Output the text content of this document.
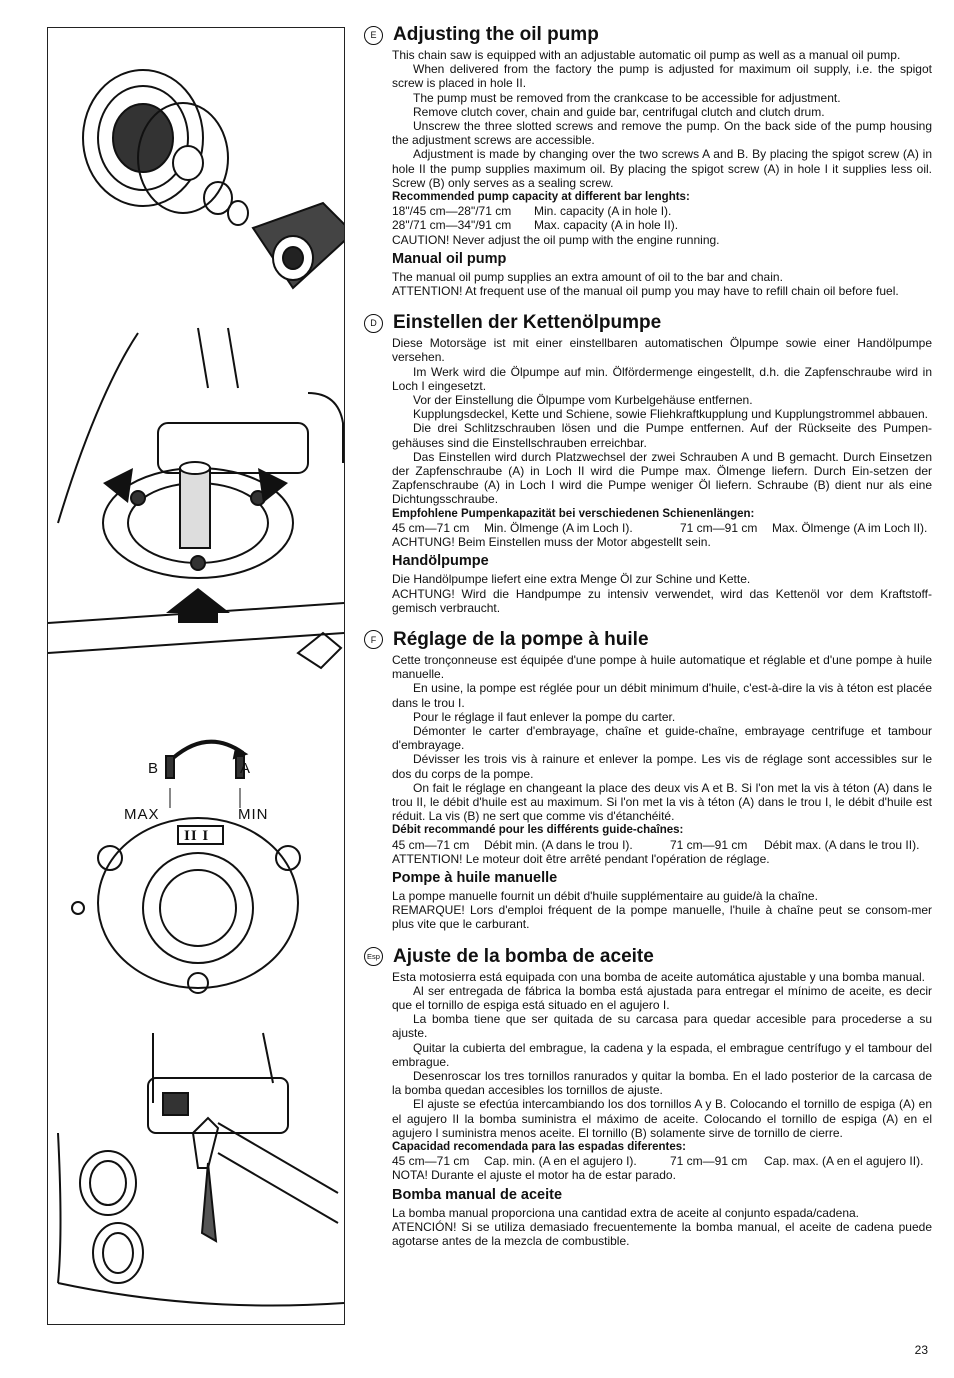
B	A
MAX	MIN
II I
E Adjusting the oil pump
This chain saw is equipped with an adjustable automatic oil pump as well as a manual oil pump.
When delivered from the factory the pump is adjusted for maximum oil supply, i.e. the spigot screw is placed in hole II.
The pump must be removed from the crankcase to be accessible for adjustment.
Remove clutch cover, chain and guide bar, centrifugal clutch and clutch drum.
Unscrew the three slotted screws and remove the pump. On the back side of the pump housing the adjustment screws are accessible.
Adjustment is made by changing over the two screws A and B. By placing the spigot screw (A) in hole II the pump supplies maximum oil. By placing the spigot screw (A) in hole I it supplies less oil. Screw (B) only serves as a sealing screw.
Recommended pump capacity at different bar lenghts:
18"/45 cm—28"/71 cm	Min. capacity (A in hole I).
28"/71 cm—34"/91 cm	Max. capacity (A in hole II).
CAUTION! Never adjust the oil pump with the engine running.
Manual oil pump
The manual oil pump supplies an extra amount of oil to the bar and chain.
ATTENTION! At frequent use of the manual oil pump you may have to refill chain oil before fuel.
D Einstellen der Kettenölpumpe
Diese Motorsäge ist mit einer einstellbaren automatischen Ölpumpe sowie einer Handölpumpe versehen.
Im Werk wird die Ölpumpe auf min. Ölfördermenge eingestellt, d.h. die Zapfenschraube wird in Loch I eingesetzt.
Vor der Einstellung die Ölpumpe vom Kurbelgehäuse entfernen.
Kupplungsdeckel, Kette und Schiene, sowie Fliehkraftkupplung und Kupplungstrommel abbauen.
Die drei Schlitzschrauben lösen und die Pumpe entfernen. Auf der Rückseite des Pumpen-gehäuses sind die Einstellschrauben erreichbar.
Das Einstellen wird durch Platzwechsel der zwei Schrauben A und B gemacht. Durch Einsetzen der Zapfenschraube (A) in Loch II wird die Pumpe max. Ölmenge liefern. Durch Ein-setzen der Zapfenschraube (A) in Loch I wird die Pumpe weniger Öl liefern. Schraube (B) dient nur als eine Dichtungsschraube.
Empfohlene Pumpenkapazität bei verschiedenen Schienenlängen:
45 cm—71 cm	Min. Ölmenge (A im Loch I).	71 cm—91 cm	Max. Ölmenge (A im Loch II).
ACHTUNG! Beim Einstellen muss der Motor abgestellt sein.
Handölpumpe
Die Handölpumpe liefert eine extra Menge Öl zur Schine und Kette.
ACHTUNG! Wird die Handpumpe zu intensiv verwendet, wird das Kettenöl vor dem Kraftstoff-gemisch verbraucht.
F Réglage de la pompe à huile
Cette tronçonneuse est équipée d'une pompe à huile automatique et réglable et d'une pompe à huile manuelle.
En usine, la pompe est réglée pour un débit minimum d'huile, c'est-à-dire la vis à téton est placée dans le trou I.
Pour le réglage il faut enlever la pompe du carter.
Démonter le carter d'embrayage, chaîne et guide-chaîne, embrayage centrifuge et tambour d'embrayage.
Dévisser les trois vis à rainure et enlever la pompe. Les vis de réglage sont accessibles sur le dos du corps de la pompe.
On fait le réglage en changeant la place des deux vis A et B. Si l'on met la vis à téton (A) dans le trou II, le débit d'huile est au maximum. Si l'on met la vis à téton (A) dans le trou I, le débit d'huile est réduit. La vis (B) ne sert que comme vis d'étanchéité.
Débit recommandé pour les différents guide-chaînes:
45 cm—71 cm	Débit min. (A dans le trou I).	71 cm—91 cm	Débit max. (A dans le trou II).
ATTENTION! Le moteur doit être arrêté pendant l'opération de réglage.
Pompe à huile manuelle
La pompe manuelle fournit un débit d'huile supplémentaire au guide/à la chaîne.
REMARQUE! Lors d'emploi fréquent de la pompe manuelle, l'huile à chaîne peut se consom-mer plus vite que le carburant.
Esp Ajuste de la bomba de aceite
Esta motosierra está equipada con una bomba de aceite automática ajustable y una bomba manual.
Al ser entregada de fábrica la bomba está ajustada para entregar el mínimo de aceite, es decir que el tornillo de espiga está situado en el agujero I.
La bomba tiene que ser quitada de su carcasa para quedar accesible para procederse a su ajuste.
Quitar la cubierta del embrague, la cadena y la espada, el embrague centrífugo y el tambour del embrague.
Desenroscar los tres tornillos ranurados y quitar la bomba. En el lado posterior de la carcasa de la bomba quedan accesibles los tornillos de ajuste.
El ajuste se efectúa intercambiando los dos tornillos A y B. Colocando el tornillo de espiga (A) en el agujero II la bomba suministra el máximo de aceite. Colocando el tornillo de espiga (A) en el agujero I suministra menos aceite. El tornillo (B) solamente sirve de tornillo de cierre.
Capacidad recomendada para las espadas diferentes:
45 cm—71 cm	Cap. min. (A en el agujero I).	71 cm—91 cm	Cap. max. (A en el agujero II).
NOTA! Durante el ajuste el motor ha de estar parado.
Bomba manual de aceite
La bomba manual proporciona una cantidad extra de aceite al conjunto espada/cadena.
ATENCIÓN! Si se utiliza demasiado frecuentemente la bomba manual, el aceite de cadena puede agotarse antes de la mezcla de combustible.
23
